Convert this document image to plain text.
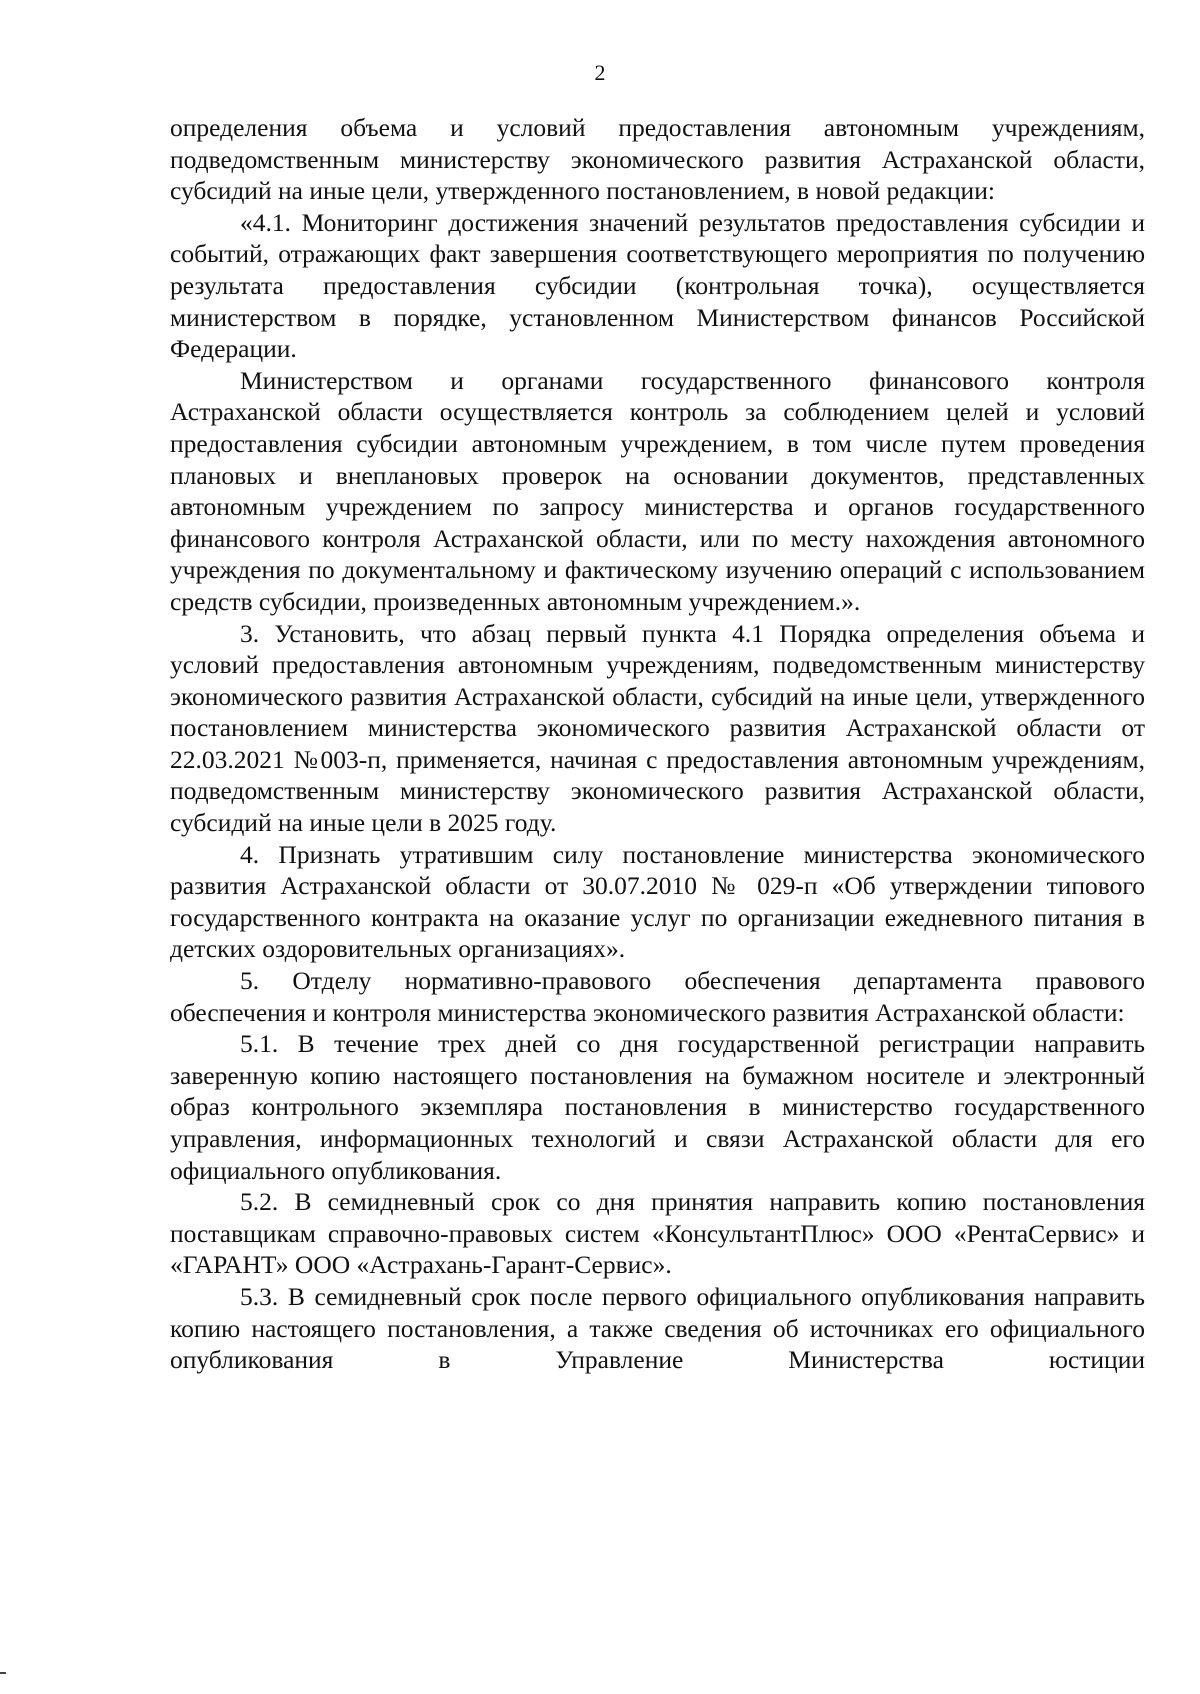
2

определения объема и условий предоставления автономным учреждениям, подведомственным министерству экономического развития Астраханской области, субсидий на иные цели, утвержденного постановлением, в новой редакции:

«4.1. Мониторинг достижения значений результатов предоставления субсидии и событий, отражающих факт завершения соответствующего мероприятия по получению результата предоставления субсидии (контрольная точка), осуществляется министерством в порядке, установленном Министерством финансов Российской Федерации.

Министерством и органами государственного финансового контроля Астраханской области осуществляется контроль за соблюдением целей и условий предоставления субсидии автономным учреждением, в том числе путем проведения плановых и внеплановых проверок на основании документов, представленных автономным учреждением по запросу министерства и органов государственного финансового контроля Астраханской области, или по месту нахождения автономного учреждения по документальному и фактическому изучению операций с использованием средств субсидии, произведенных автономным учреждением.».

3. Установить, что абзац первый пункта 4.1 Порядка определения объема и условий предоставления автономным учреждениям, подведомственным министерству экономического развития Астраханской области, субсидий на иные цели, утвержденного постановлением министерства экономического развития Астраханской области от 22.03.2021 №003-п, применяется, начиная с предоставления автономным учреждениям, подведомственным министерству экономического развития Астраханской области, субсидий на иные цели в 2025 году.

4. Признать утратившим силу постановление министерства экономического развития Астраханской области от 30.07.2010 № 029-п «Об утверждении типового государственного контракта на оказание услуг по организации ежедневного питания в детских оздоровительных организациях».

5. Отделу нормативно-правового обеспечения департамента правового обеспечения и контроля министерства экономического развития Астраханской области:

5.1. В течение трех дней со дня государственной регистрации направить заверенную копию настоящего постановления на бумажном носителе и электронный образ контрольного экземпляра постановления в министерство государственного управления, информационных технологий и связи Астраханской области для его официального опубликования.

5.2. В семидневный срок со дня принятия направить копию постановления поставщикам справочно-правовых систем «КонсультантПлюс» ООО «РентаСервис» и «ГАРАНТ» ООО «Астрахань-Гарант-Сервис».

5.3. В семидневный срок после первого официального опубликования направить копию настоящего постановления, а также сведения об источниках его официального опубликования в Управление Министерства юстиции
